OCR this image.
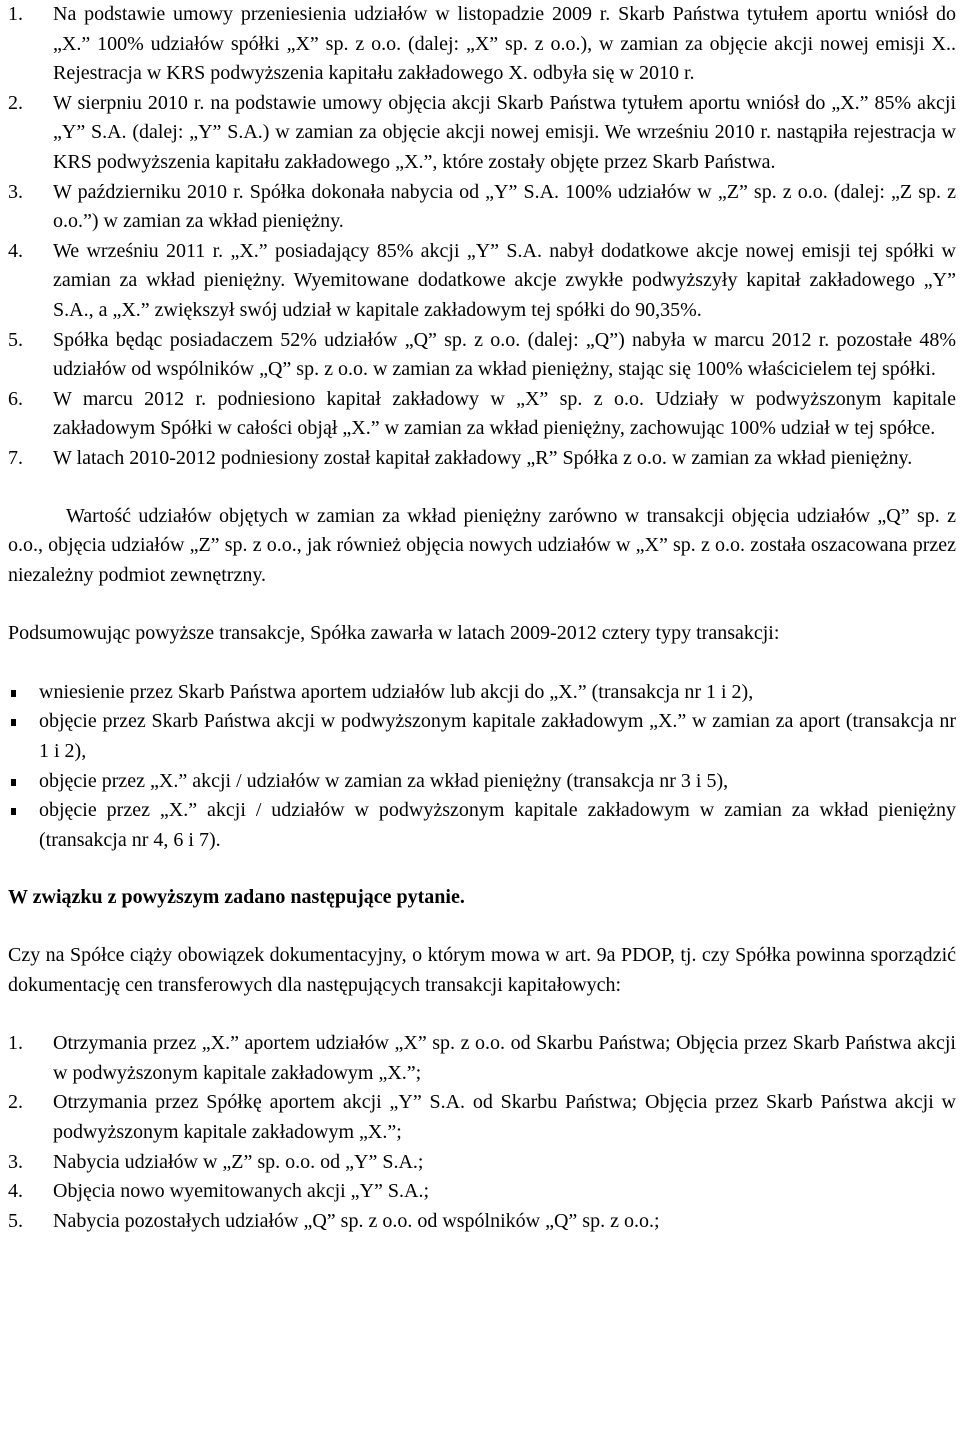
1. Na podstawie umowy przeniesienia udziałów w listopadzie 2009 r. Skarb Państwa tytułem aportu wniósł do „X.” 100% udziałów spółki „X” sp. z o.o. (dalej: „X” sp. z o.o.), w zamian za objęcie akcji nowej emisji X.. Rejestracja w KRS podwyższenia kapitału zakładowego X. odbyła się w 2010 r.
2. W sierpniu 2010 r. na podstawie umowy objęcia akcji Skarb Państwa tytułem aportu wniósł do „X.” 85% akcji „Y” S.A. (dalej: „Y” S.A.) w zamian za objęcie akcji nowej emisji. We wrześniu 2010 r. nastąpiła rejestracja w KRS podwyższenia kapitału zakładowego „X.”, które zostały objęte przez Skarb Państwa.
3. W październiku 2010 r. Spółka dokonała nabycia od „Y” S.A. 100% udziałów w „Z” sp. z o.o. (dalej: „Z sp. z o.o.”) w zamian za wkład pieniężny.
4. We wrześniu 2011 r. „X.” posiadający 85% akcji „Y” S.A. nabył dodatkowe akcje nowej emisji tej spółki w zamian za wkład pieniężny. Wyemitowane dodatkowe akcje zwykłe podwyższyły kapitał zakładowego „Y” S.A., a „X.” zwiększył swój udział w kapitale zakładowym tej spółki do 90,35%.
5. Spółka będąc posiadaczem 52% udziałów „Q” sp. z o.o. (dalej: „Q”) nabyła w marcu 2012 r. pozostałe 48% udziałów od wspólników „Q” sp. z o.o. w zamian za wkład pieniężny, stając się 100% właścicielem tej spółki.
6. W marcu 2012 r. podniesiono kapitał zakładowy w „X” sp. z o.o. Udziały w podwyższonym kapitale zakładowym Spółki w całości objął „X.” w zamian za wkład pieniężny, zachowując 100% udział w tej spółce.
7. W latach 2010-2012 podniesiony został kapitał zakładowy „R” Spółka z o.o. w zamian za wkład pieniężny.

Wartość udziałów objętych w zamian za wkład pieniężny zarówno w transakcji objęcia udziałów „Q” sp. z o.o., objęcia udziałów „Z” sp. z o.o., jak również objęcia nowych udziałów w „X” sp. z o.o. została oszacowana przez niezależny podmiot zewnętrzny.

Podsumowując powyższe transakcje, Spółka zawarła w latach 2009-2012 cztery typy transakcji:

wniesienie przez Skarb Państwa aportem udziałów lub akcji do „X.” (transakcja nr 1 i 2),
objęcie przez Skarb Państwa akcji w podwyższonym kapitale zakładowym „X.” w zamian za aport (transakcja nr 1 i 2),
objęcie przez „X.” akcji / udziałów w zamian za wkład pieniężny (transakcja nr 3 i 5),
objęcie przez „X.” akcji / udziałów w podwyższonym kapitale zakładowym w zamian za wkład pieniężny (transakcja nr 4, 6 i 7).

W związku z powyższym zadano następujące pytanie.

Czy na Spółce ciąży obowiązek dokumentacyjny, o którym mowa w art. 9a PDOP, tj. czy Spółka powinna sporządzić dokumentację cen transferowych dla następujących transakcji kapitałowych:

1. Otrzymania przez „X.” aportem udziałów „X” sp. z o.o. od Skarbu Państwa; Objęcia przez Skarb Państwa akcji w podwyższonym kapitale zakładowym „X.”;
2. Otrzymania przez Spółkę aportem akcji „Y” S.A. od Skarbu Państwa; Objęcia przez Skarb Państwa akcji w podwyższonym kapitale zakładowym „X.”;
3. Nabycia udziałów w „Z” sp. o.o. od „Y” S.A.;
4. Objęcia nowo wyemitowanych akcji „Y” S.A.;
5. Nabycia pozostałych udziałów „Q” sp. z o.o. od wspólników „Q” sp. z o.o.;
